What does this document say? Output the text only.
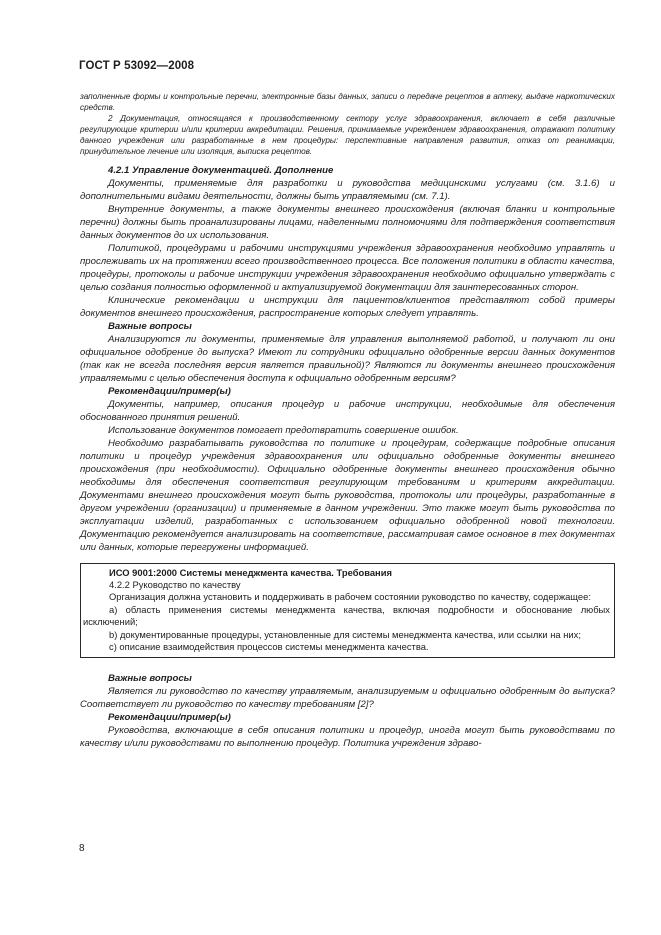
ГОСТ Р 53092—2008

заполненные формы и контрольные перечни, электронные базы данных, записи о передаче рецептов в аптеку, выдаче наркотических средств.

2 Документация, относящаяся к производственному сектору услуг здравоохранения, включает в себя различные регулирующие критерии и/или критерии аккредитации. Решения, принимаемые учреждением здравоохранения, отражают политику данного учреждения или разработанные в нем процедуры: перспективные направления развития, отказ от реанимации, принудительное лечение или изоляция, выписка рецептов.

4.2.1 Управление документацией. Дополнение

Документы, применяемые для разработки и руководства медицинскими услугами (см. 3.1.6) и дополнительными видами деятельности, должны быть управляемыми (см. 7.1).

Внутренние документы, а также документы внешнего происхождения (включая бланки и контрольные перечни) должны быть проанализированы лицами, наделенными полномочиями для подтверждения соответствия данных документов до их использования.

Политикой, процедурами и рабочими инструкциями учреждения здравоохранения необходимо управлять и прослеживать их на протяжении всего производственного процесса. Все положения политики в области качества, процедуры, протоколы и рабочие инструкции учреждения здравоохранения необходимо официально утверждать с целью создания полностью оформленной и актуализируемой документации для заинтересованных сторон.

Клинические рекомендации и инструкции для пациентов/клиентов представляют собой примеры документов внешнего происхождения, распространение которых следует управлять.

Важные вопросы

Анализируются ли документы, применяемые для управления выполняемой работой, и получают ли они официальное одобрение до выпуска? Имеют ли сотрудники официально одобренные версии данных документов (так как не всегда последняя версия является правильной)? Являются ли документы внешнего происхождения управляемыми с целью обеспечения доступа к официально одобренным версиям?

Рекомендации/пример(ы)

Документы, например, описания процедур и рабочие инструкции, необходимые для обеспечения обоснованного принятия решений.

Использование документов помогает предотвратить совершение ошибок.

Необходимо разрабатывать руководства по политике и процедурам, содержащие подробные описания политики и процедур учреждения здравоохранения или официально одобренные документы внешнего происхождения (при необходимости). Официально одобренные документы внешнего происхождения обычно необходимы для обеспечения соответствия регулирующим требованиям и критериям аккредитации. Документами внешнего происхождения могут быть руководства, протоколы или процедуры, разработанные в другом учреждении (организации) и применяемые в данном учреждении. Это также могут быть руководства по эксплуатации изделий, разработанных с использованием официально одобренной новой технологии. Документацию рекомендуется анализировать на соответствие, рассматривая самое основное в тех документах или данных, которые перегружены информацией.

ИСО 9001:2000 Системы менеджмента качества. Требования

4.2.2 Руководство по качеству

Организация должна установить и поддерживать в рабочем состоянии руководство по качеству, содержащее:

а) область применения системы менеджмента качества, включая подробности и обоснование любых исключений;

b) документированные процедуры, установленные для системы менеджмента качества, или ссылки на них;

c) описание взаимодействия процессов системы менеджмента качества.

Важные вопросы

Является ли руководство по качеству управляемым, анализируемым и официально одобренным до выпуска? Соответствует ли руководство по качеству требованиям [2]?

Рекомендации/пример(ы)

Руководства, включающие в себя описания политики и процедур, иногда могут быть руководствами по качеству и/или руководствами по выполнению процедур. Политика учреждения здраво-

8
